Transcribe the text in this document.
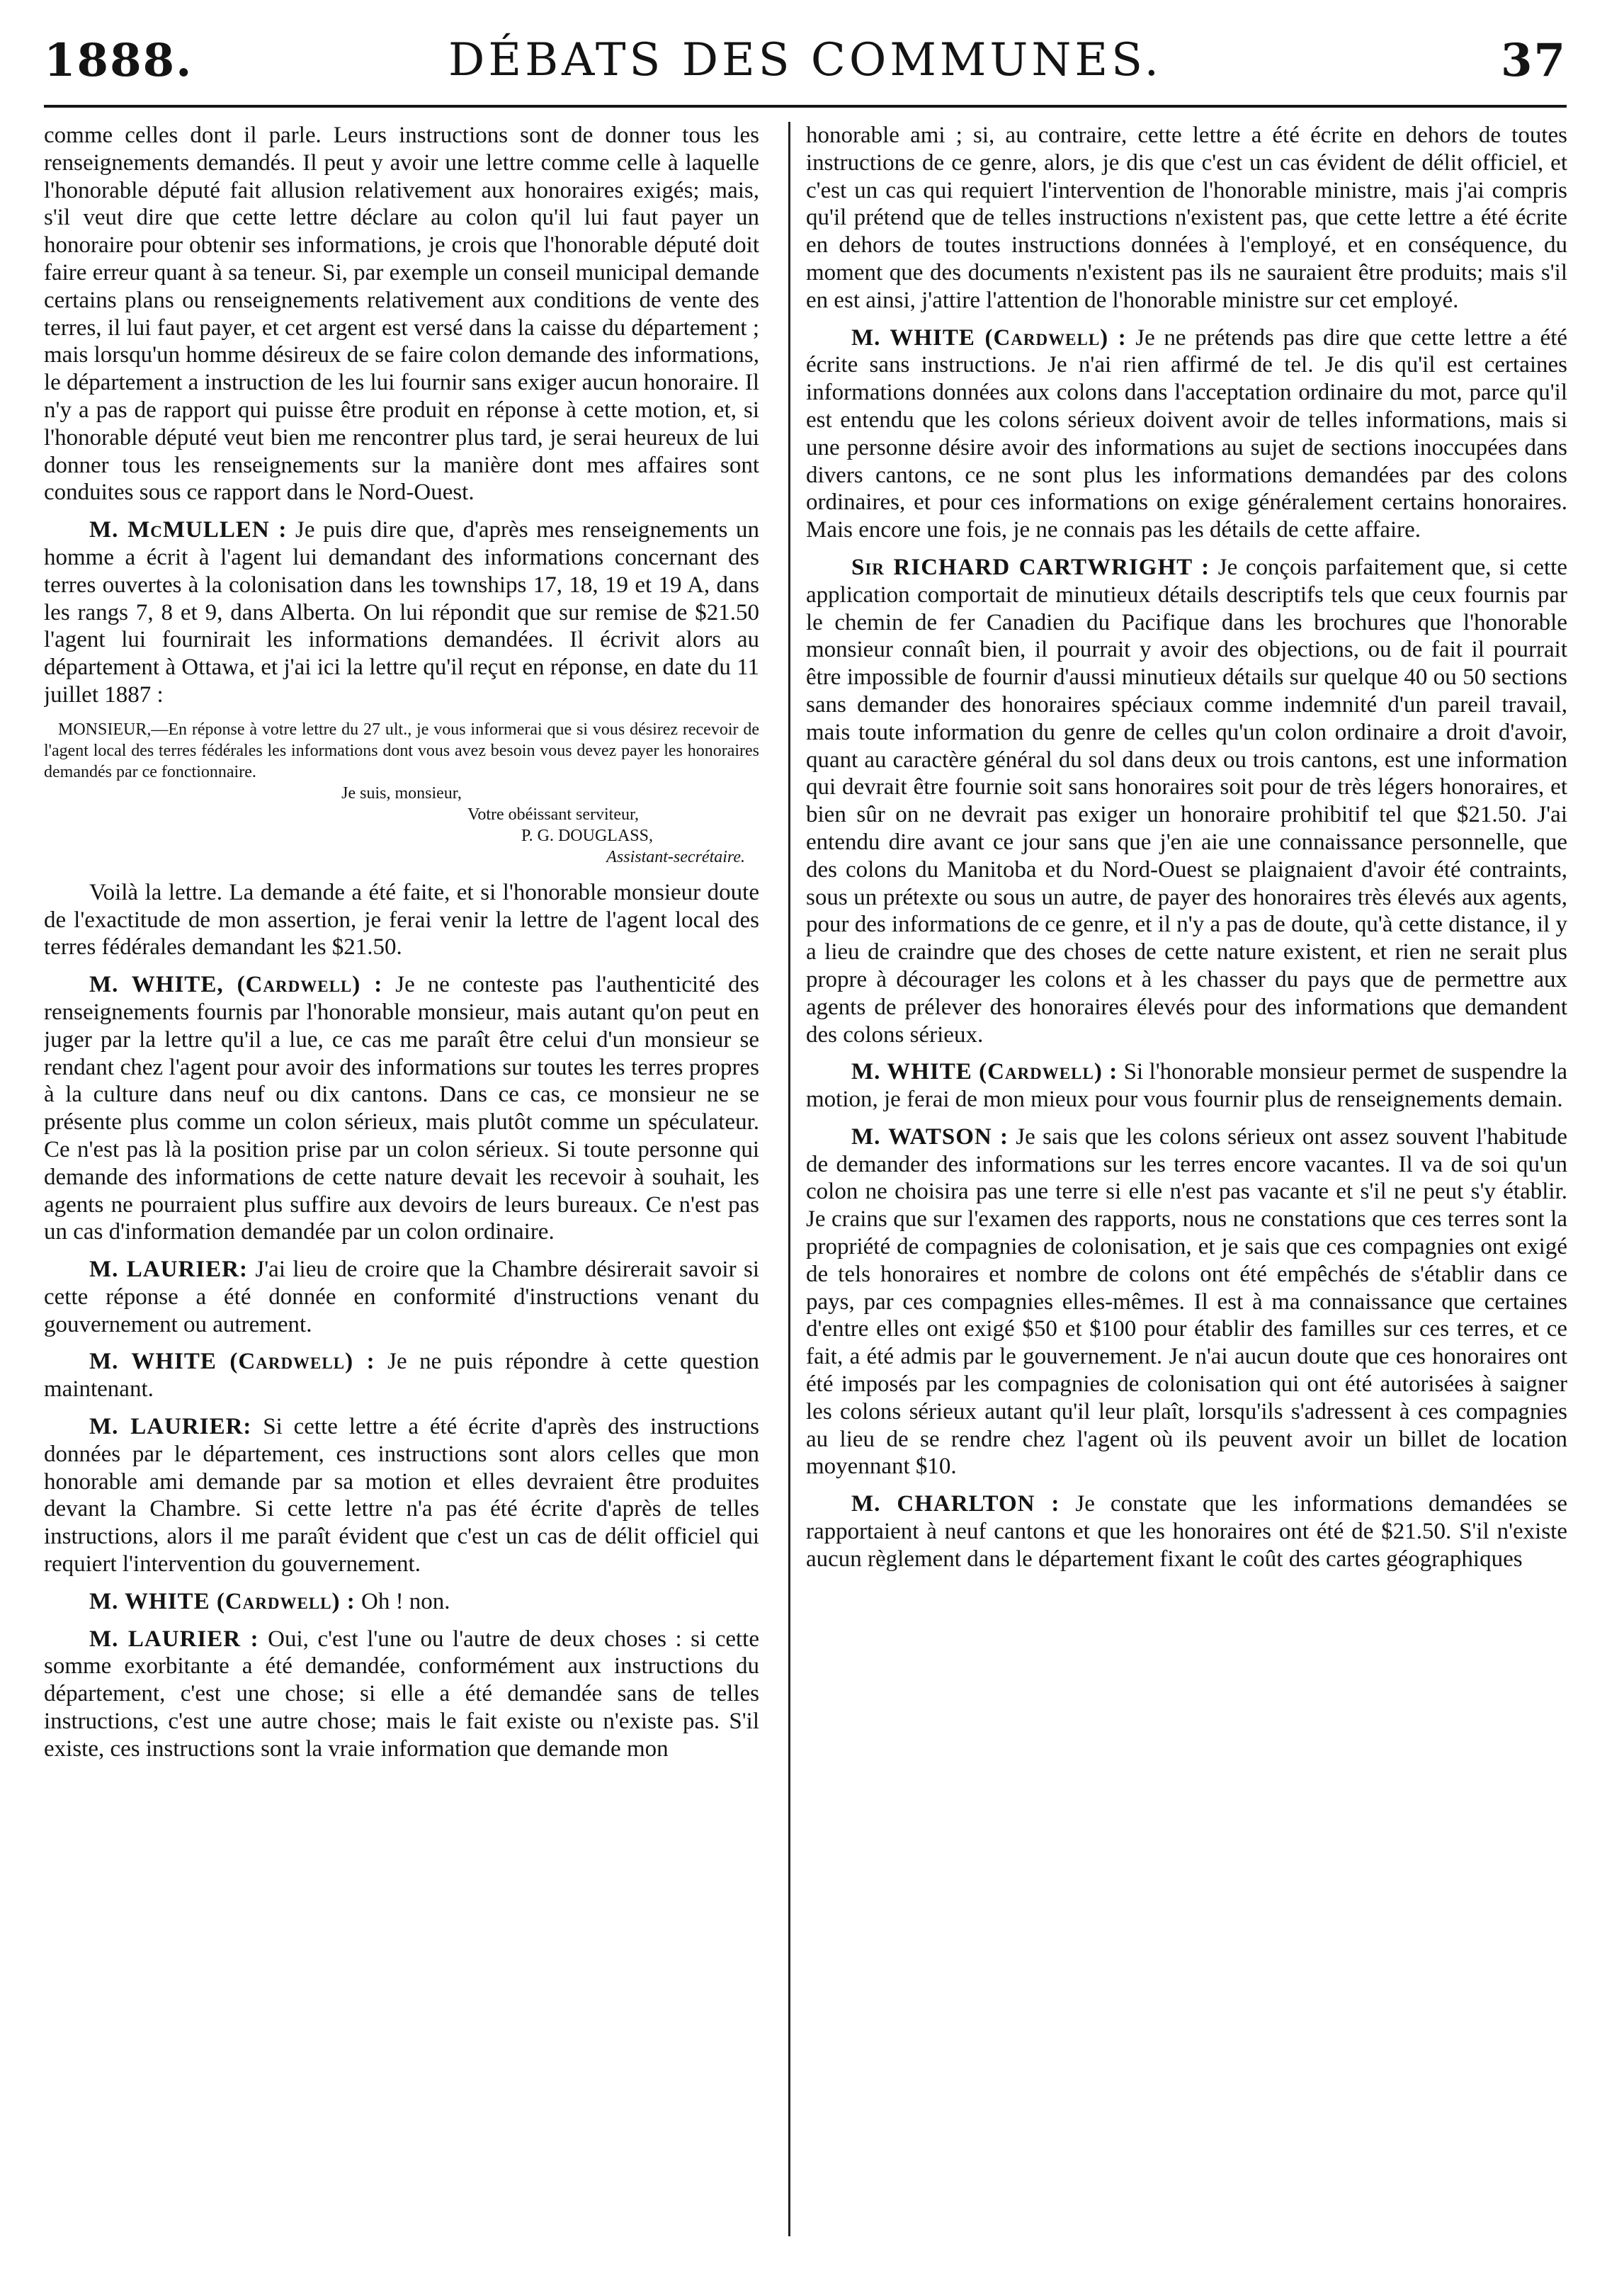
1888.	DÉBATS DES COMMUNES.	37

comme celles dont il parle. Leurs instructions sont de donner tous les renseignements demandés. Il peut y avoir une lettre comme celle à laquelle l'honorable député fait allusion relativement aux honoraires exigés; mais, s'il veut dire que cette lettre déclare au colon qu'il lui faut payer un honoraire pour obtenir ses informations, je crois que l'honorable député doit faire erreur quant à sa teneur. Si, par exemple un conseil municipal demande certains plans ou renseignements relativement aux conditions de vente des terres, il lui faut payer, et cet argent est versé dans la caisse du département ; mais lorsqu'un homme désireux de se faire colon demande des informations, le département a instruction de les lui fournir sans exiger aucun honoraire. Il n'y a pas de rapport qui puisse être produit en réponse à cette motion, et, si l'honorable député veut bien me rencontrer plus tard, je serai heureux de lui donner tous les renseignements sur la manière dont mes affaires sont conduites sous ce rapport dans le Nord-Ouest.

M. McMULLEN : Je puis dire que, d'après mes renseignements un homme a écrit à l'agent lui demandant des informations concernant des terres ouvertes à la colonisation dans les townships 17, 18, 19 et 19 A, dans les rangs 7, 8 et 9, dans Alberta. On lui répondit que sur remise de $21.50 l'agent lui fournirait les informations demandées. Il écrivit alors au département à Ottawa, et j'ai ici la lettre qu'il reçut en réponse, en date du 11 juillet 1887 :

MONSIEUR,—En réponse à votre lettre du 27 ult., je vous informerai que si vous désirez recevoir de l'agent local des terres fédérales les informations dont vous avez besoin vous devez payer les honoraires demandés par ce fonctionnaire.

Je suis, monsieur,

Votre obéissant serviteur,

P. G. DOUGLASS,

Assistant-secrétaire.

Voilà la lettre. La demande a été faite, et si l'honorable monsieur doute de l'exactitude de mon assertion, je ferai venir la lettre de l'agent local des terres fédérales demandant les $21.50.

M. WHITE, (Cardwell) : Je ne conteste pas l'authenticité des renseignements fournis par l'honorable monsieur, mais autant qu'on peut en juger par la lettre qu'il a lue, ce cas me paraît être celui d'un monsieur se rendant chez l'agent pour avoir des informations sur toutes les terres propres à la culture dans neuf ou dix cantons. Dans ce cas, ce monsieur ne se présente plus comme un colon sérieux, mais plutôt comme un spéculateur. Ce n'est pas là la position prise par un colon sérieux. Si toute personne qui demande des informations de cette nature devait les recevoir à souhait, les agents ne pourraient plus suffire aux devoirs de leurs bureaux. Ce n'est pas un cas d'information demandée par un colon ordinaire.

M. LAURIER: J'ai lieu de croire que la Chambre désirerait savoir si cette réponse a été donnée en conformité d'instructions venant du gouvernement ou autrement.

M. WHITE (Cardwell) : Je ne puis répondre à cette question maintenant.

M. LAURIER: Si cette lettre a été écrite d'après des instructions données par le département, ces instructions sont alors celles que mon honorable ami demande par sa motion et elles devraient être produites devant la Chambre. Si cette lettre n'a pas été écrite d'après de telles instructions, alors il me paraît évident que c'est un cas de délit officiel qui requiert l'intervention du gouvernement.

M. WHITE (Cardwell) : Oh ! non.

M. LAURIER : Oui, c'est l'une ou l'autre de deux choses : si cette somme exorbitante a été demandée, conformément aux instructions du département, c'est une chose; si elle a été demandée sans de telles instructions, c'est une autre chose; mais le fait existe ou n'existe pas. S'il existe, ces instructions sont la vraie information que demande mon

honorable ami ; si, au contraire, cette lettre a été écrite en dehors de toutes instructions de ce genre, alors, je dis que c'est un cas évident de délit officiel, et c'est un cas qui requiert l'intervention de l'honorable ministre, mais j'ai compris qu'il prétend que de telles instructions n'existent pas, que cette lettre a été écrite en dehors de toutes instructions données à l'employé, et en conséquence, du moment que des documents n'existent pas ils ne sauraient être produits; mais s'il en est ainsi, j'attire l'attention de l'honorable ministre sur cet employé.

M. WHITE (Cardwell) : Je ne prétends pas dire que cette lettre a été écrite sans instructions. Je n'ai rien affirmé de tel. Je dis qu'il est certaines informations données aux colons dans l'acceptation ordinaire du mot, parce qu'il est entendu que les colons sérieux doivent avoir de telles informations, mais si une personne désire avoir des informations au sujet de sections inoccupées dans divers cantons, ce ne sont plus les informations demandées par des colons ordinaires, et pour ces informations on exige généralement certains honoraires. Mais encore une fois, je ne connais pas les détails de cette affaire.

Sir RICHARD CARTWRIGHT : Je conçois parfaitement que, si cette application comportait de minutieux détails descriptifs tels que ceux fournis par le chemin de fer Canadien du Pacifique dans les brochures que l'honorable monsieur connaît bien, il pourrait y avoir des objections, ou de fait il pourrait être impossible de fournir d'aussi minutieux détails sur quelque 40 ou 50 sections sans demander des honoraires spéciaux comme indemnité d'un pareil travail, mais toute information du genre de celles qu'un colon ordinaire a droit d'avoir, quant au caractère général du sol dans deux ou trois cantons, est une information qui devrait être fournie soit sans honoraires soit pour de très légers honoraires, et bien sûr on ne devrait pas exiger un honoraire prohibitif tel que $21.50. J'ai entendu dire avant ce jour sans que j'en aie une connaissance personnelle, que des colons du Manitoba et du Nord-Ouest se plaignaient d'avoir été contraints, sous un prétexte ou sous un autre, de payer des honoraires très élevés aux agents, pour des informations de ce genre, et il n'y a pas de doute, qu'à cette distance, il y a lieu de craindre que des choses de cette nature existent, et rien ne serait plus propre à décourager les colons et à les chasser du pays que de permettre aux agents de prélever des honoraires élevés pour des informations que demandent des colons sérieux.

M. WHITE (Cardwell) : Si l'honorable monsieur permet de suspendre la motion, je ferai de mon mieux pour vous fournir plus de renseignements demain.

M. WATSON : Je sais que les colons sérieux ont assez souvent l'habitude de demander des informations sur les terres encore vacantes. Il va de soi qu'un colon ne choisira pas une terre si elle n'est pas vacante et s'il ne peut s'y établir. Je crains que sur l'examen des rapports, nous ne constations que ces terres sont la propriété de compagnies de colonisation, et je sais que ces compagnies ont exigé de tels honoraires et nombre de colons ont été empêchés de s'établir dans ce pays, par ces compagnies elles-mêmes. Il est à ma connaissance que certaines d'entre elles ont exigé $50 et $100 pour établir des familles sur ces terres, et ce fait, a été admis par le gouvernement. Je n'ai aucun doute que ces honoraires ont été imposés par les compagnies de colonisation qui ont été autorisées à saigner les colons sérieux autant qu'il leur plaît, lorsqu'ils s'adressent à ces compagnies au lieu de se rendre chez l'agent où ils peuvent avoir un billet de location moyennant $10.

M. CHARLTON : Je constate que les informations demandées se rapportaient à neuf cantons et que les honoraires ont été de $21.50. S'il n'existe aucun règlement dans le département fixant le coût des cartes géographiques
